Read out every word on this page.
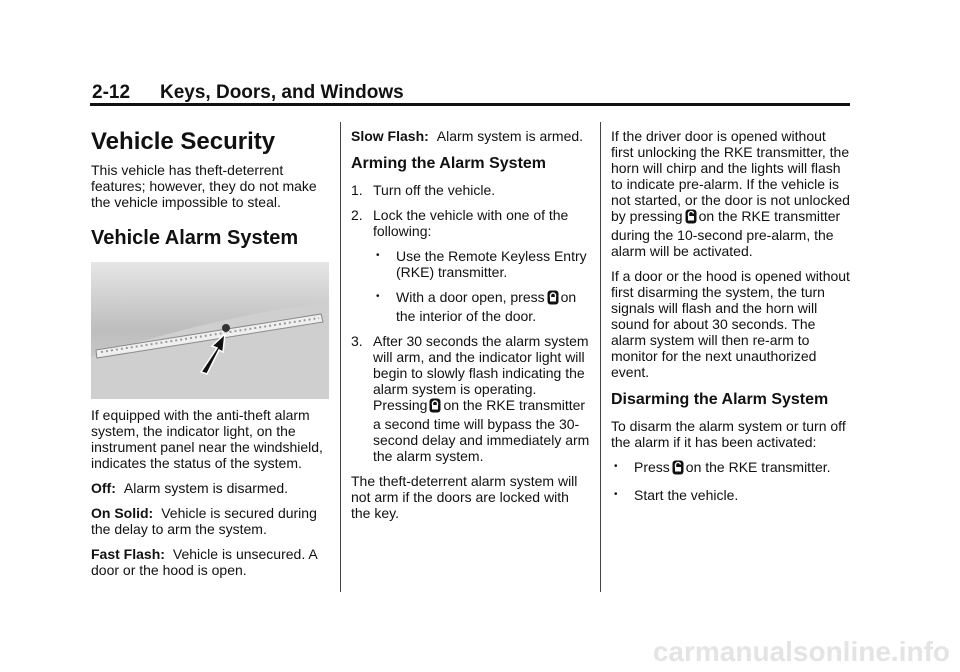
2-12 Keys, Doors, and Windows
Vehicle Security

This vehicle has theft-deterrent features; however, they do not make the vehicle impossible to steal.

Vehicle Alarm System

If equipped with the anti-theft alarm system, the indicator light, on the instrument panel near the windshield, indicates the status of the system.

Off: Alarm system is disarmed.

On Solid: Vehicle is secured during the delay to arm the system.

Fast Flash: Vehicle is unsecured. A door or the hood is open.

Slow Flash: Alarm system is armed.

Arming the Alarm System
1. Turn off the vehicle.
2. Lock the vehicle with one of the following:
•	Use the Remote Keyless Entry (RKE) transmitter.
•	With a door open, press on the interior of the door.
3. After 30 seconds the alarm system will arm, and the indicator light will begin to slowly flash indicating the alarm system is operating. Pressing on the RKE transmitter a second time will bypass the 30-second delay and immediately arm the alarm system.

The theft-deterrent alarm system will not arm if the doors are locked with the key.

If the driver door is opened without first unlocking the RKE transmitter, the horn will chirp and the lights will flash to indicate pre-alarm. If the vehicle is not started, or the door is not unlocked by pressing on the RKE transmitter during the 10-second pre-alarm, the alarm will be activated.

If a door or the hood is opened without first disarming the system, the turn signals will flash and the horn will sound for about 30 seconds. The alarm system will then re-arm to monitor for the next unauthorized event.

Disarming the Alarm System

To disarm the alarm system or turn off the alarm if it has been activated:

•	Press on the RKE transmitter.
•	Start the vehicle.
carmanualsonline.info
